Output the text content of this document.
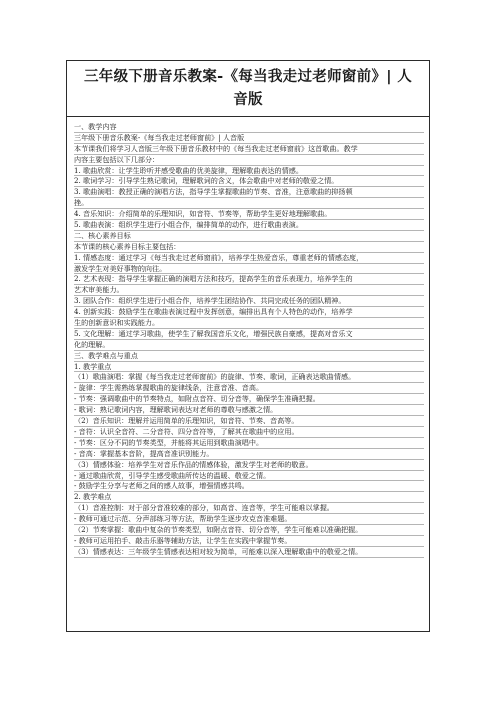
三年级下册音乐教案-《每当我走过老师窗前》| 人音版
一、教学内容
三年级下册音乐教案-《每当我走过老师窗前》| 人音版
本节课我们将学习人音版三年级下册音乐教材中的《每当我走过老师窗前》这首歌曲。教学
内容主要包括以下几部分：
1. 歌曲欣赏：让学生聆听并感受歌曲的优美旋律，理解歌曲表达的情感。
2. 歌词学习：引导学生熟记歌词，理解歌词的含义，体会歌曲中对老师的敬爱之情。
3. 歌曲演唱：教授正确的演唱方法，指导学生掌握歌曲的节奏、音准，注意歌曲的抑扬顿
挫。
4. 音乐知识：介绍简单的乐理知识，如音符、节奏等，帮助学生更好地理解歌曲。
5. 歌曲表演：组织学生进行小组合作，编排简单的动作，进行歌曲表演。
二、核心素养目标
本节课的核心素养目标主要包括：
1. 情感态度：通过学习《每当我走过老师窗前》，培养学生热爱音乐，尊重老师的情感态度，
激发学生对美好事物的向往。
2. 艺术表现：指导学生掌握正确的演唱方法和技巧，提高学生的音乐表现力，培养学生的
艺术审美能力。
3. 团队合作：组织学生进行小组合作，培养学生团结协作、共同完成任务的团队精神。
4. 创新实践：鼓励学生在歌曲表演过程中发挥创意，编排出具有个人特色的动作，培养学
生的创新意识和实践能力。
5. 文化理解：通过学习歌曲，使学生了解我国音乐文化，增强民族自豪感，提高对音乐文
化的理解。
三、教学难点与重点
1. 教学重点
（1）歌曲演唱：掌握《每当我走过老师窗前》的旋律、节奏、歌词，正确表达歌曲情感。
- 旋律：学生需熟练掌握歌曲的旋律线条，注意音准、音高。
- 节奏：强调歌曲中的节奏特点，如附点音符、切分音等，确保学生准确把握。
- 歌词：熟记歌词内容，理解歌词表达对老师的尊敬与感激之情。
（2）音乐知识：理解并运用简单的乐理知识，如音符、节奏、音高等。
- 音符：认识全音符、二分音符、四分音符等，了解其在歌曲中的应用。
- 节奏：区分不同的节奏类型，并能将其运用到歌曲演唱中。
- 音高：掌握基本音阶，提高音准识别能力。
（3）情感体验：培养学生对音乐作品的情感体验，激发学生对老师的敬意。
- 通过歌曲欣赏，引导学生感受歌曲所传达的温暖、敬爱之情。
- 鼓励学生分享与老师之间的感人故事，增强情感共鸣。
2. 教学难点
（1）音准控制：对于部分音准较难的部分，如高音、连音等，学生可能难以掌握。
- 教师可通过示范、分声部练习等方法，帮助学生逐步攻克音准难题。
（2）节奏掌握：歌曲中复杂的节奏类型，如附点音符、切分音等，学生可能难以准确把握。
- 教师可运用拍手、敲击乐器等辅助方法，让学生在实践中掌握节奏。
（3）情感表达：三年级学生情感表达相对较为简单，可能难以深入理解歌曲中的敬爱之情。
